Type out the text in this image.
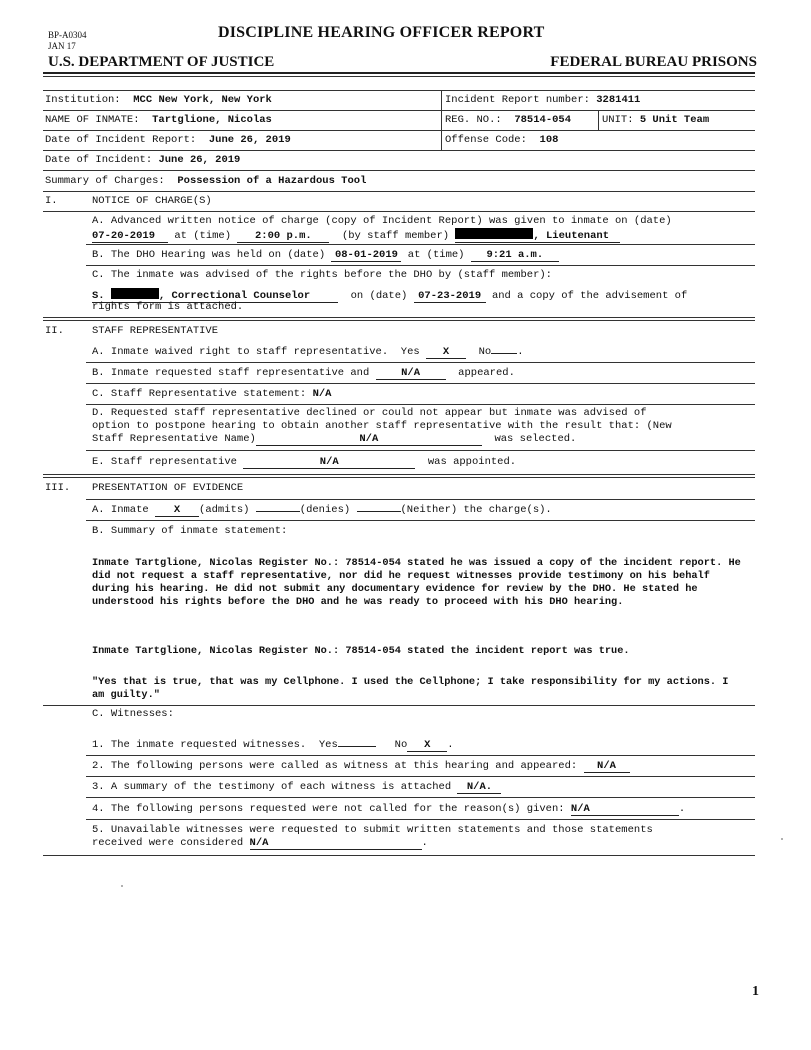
BP-A0304
JAN 17
DISCIPLINE HEARING OFFICER REPORT
U.S. DEPARTMENT OF JUSTICE	FEDERAL BUREAU PRISONS
Institution: MCC New York, New York	Incident Report number: 3281411
NAME OF INMATE: Tartglione, Nicolas	REG. NO.: 78514-054	UNIT: 5 Unit Team
Date of Incident Report: June 26, 2019	Offense Code: 108
Date of Incident: June 26, 2019
Summary of Charges: Possession of a Hazardous Tool
I.	NOTICE OF CHARGE(S)
A. Advanced written notice of charge (copy of Incident Report) was given to inmate on (date)
07-20-2019 at (time) 2:00 p.m.	(by staff member)	, Lieutenant
B. The DHO Hearing was held on (date) 08-01-2019 at (time) 9:21 a.m.
C. The inmate was advised of the rights before the DHO by (staff member):
S.	, Correctional Counselor	on (date) 07-23-2019 and a copy of the advisement of
rights form is attached.
II.	STAFF REPRESENTATIVE
A. Inmate waived right to staff representative. Yes X	No .
B. Inmate requested staff representative and	N/A	appeared.
C. Staff Representative statement: N/A
D. Requested staff representative declined or could not appear but inmate was advised of
option to postpone hearing to obtain another staff representative with the result that: (New
Staff Representative Name)	N/A	was selected.
E. Staff representative	N/A	was appointed.
III. PRESENTATION OF EVIDENCE
A. Inmate X (admits)	(denies)	(Neither) the charge(s).
B. Summary of inmate statement:
Inmate Tartglione, Nicolas Register No.: 78514-054 stated he was issued a copy of the incident report. He did not request a staff representative, nor did he request witnesses provide testimony on his behalf during his hearing. He did not submit any documentary evidence for review by the DHO. He stated he understood his rights before the DHO and he was ready to proceed with his DHO hearing.
Inmate Tartglione, Nicolas Register No.: 78514-054 stated the incident report was true.
"Yes that is true, that was my Cellphone. I used the Cellphone; I take responsibility for my actions. I am guilty."
C. Witnesses:
1. The inmate requested witnesses. Yes	No X .
2. The following persons were called as witness at this hearing and appeared: N/A
3. A summary of the testimony of each witness is attached N/A.
4. The following persons requested were not called for the reason(s) given: N/A	.
5. Unavailable witnesses were requested to submit written statements and those statements
received were considered N/A	.
1
